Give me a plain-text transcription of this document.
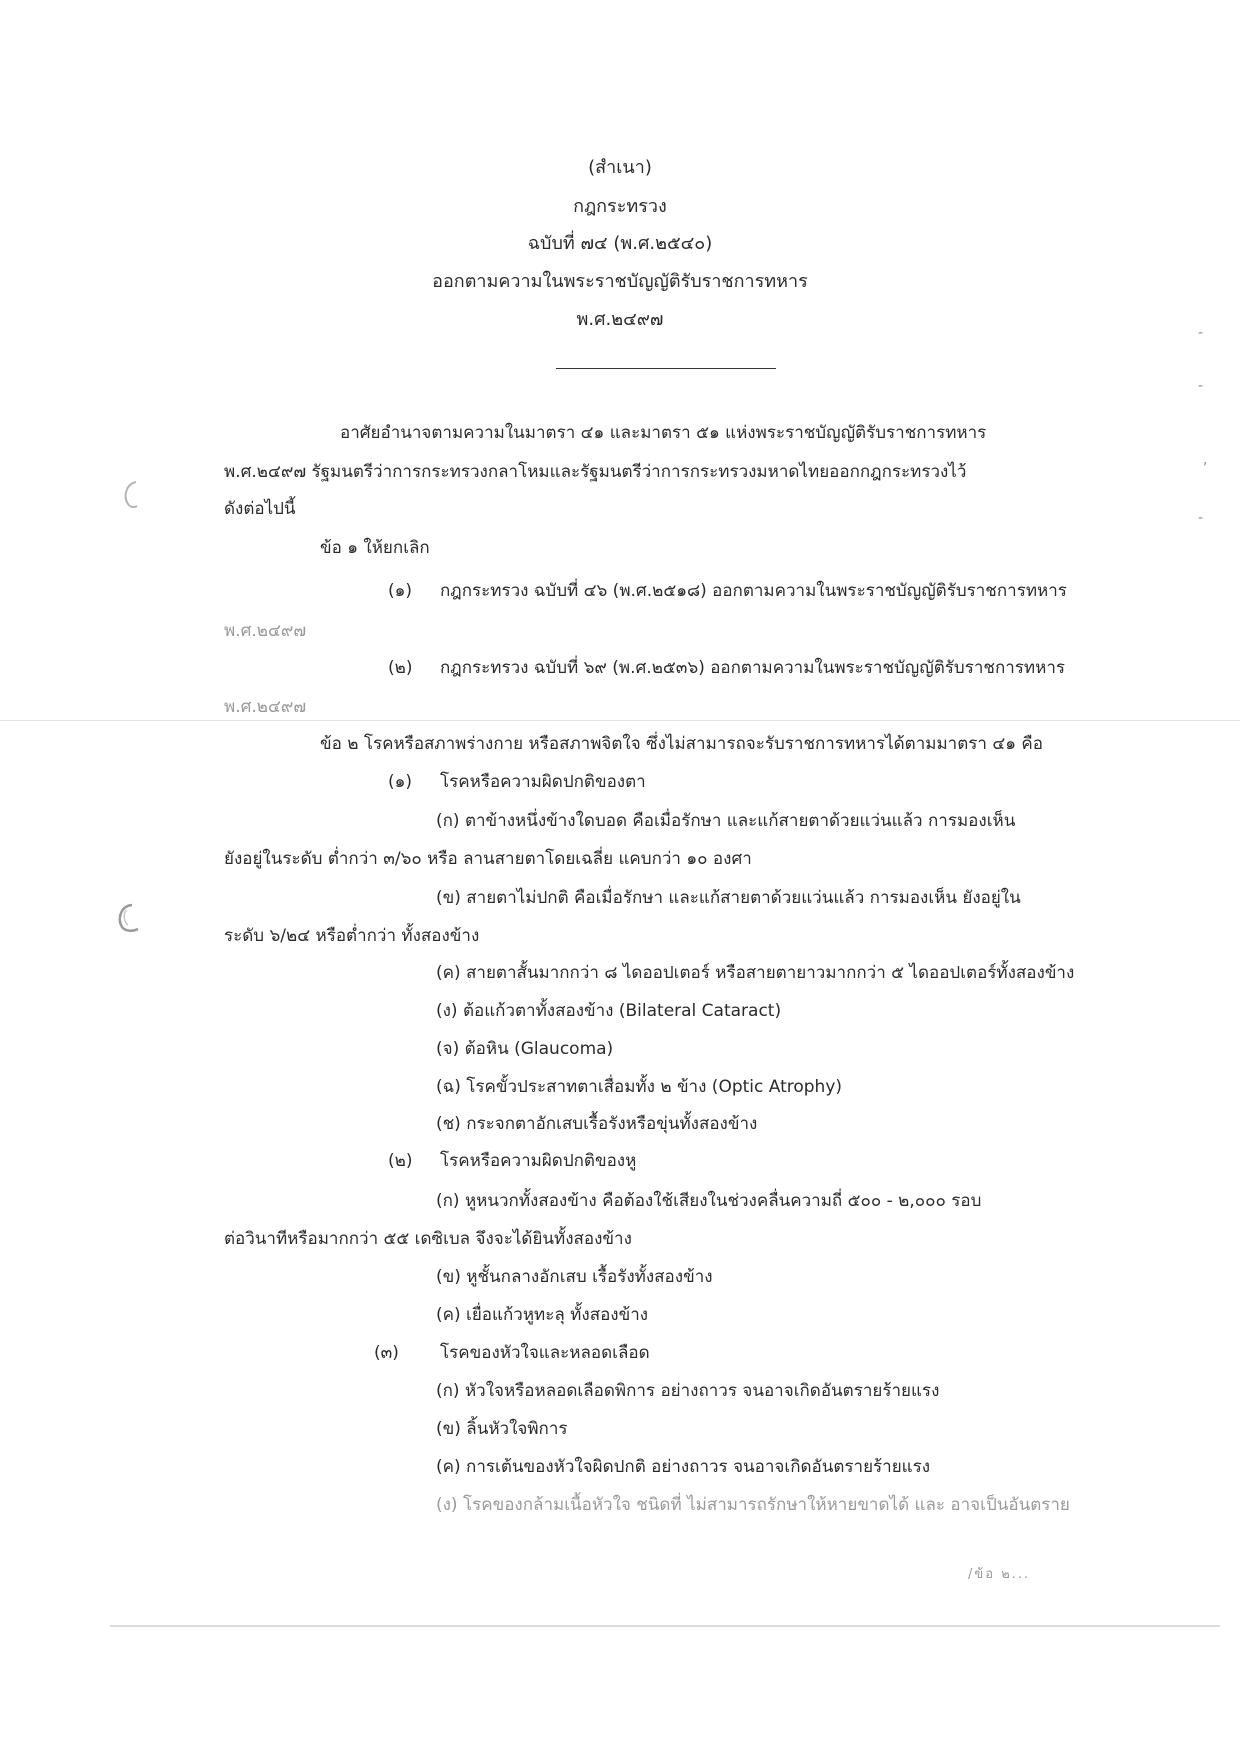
-
-
,
-
(สำเนา)
กฎกระทรวง
ฉบับที่ ๗๔ (พ.ศ.๒๕๔๐)
ออกตามความในพระราชบัญญัติรับราชการทหาร
พ.ศ.๒๔๙๗
อาศัยอำนาจตามความในมาตรา ๔๑ และมาตรา ๕๑ แห่งพระราชบัญญัติรับราชการทหาร
พ.ศ.๒๔๙๗ รัฐมนตรีว่าการกระทรวงกลาโหมและรัฐมนตรีว่าการกระทรวงมหาดไทยออกกฎกระทรวงไว้
ดังต่อไปนี้
ข้อ ๑ ให้ยกเลิก
(๑) กฎกระทรวง ฉบับที่ ๔๖ (พ.ศ.๒๕๑๘) ออกตามความในพระราชบัญญัติรับราชการทหาร
พ.ศ.๒๔๙๗
(๒) กฎกระทรวง ฉบับที่ ๖๙ (พ.ศ.๒๕๓๖) ออกตามความในพระราชบัญญัติรับราชการทหาร
พ.ศ.๒๔๙๗
ข้อ ๒ โรคหรือสภาพร่างกาย หรือสภาพจิตใจ ซึ่งไม่สามารถจะรับราชการทหารได้ตามมาตรา ๔๑ คือ
(๑) โรคหรือความผิดปกติของตา
(ก) ตาข้างหนึ่งข้างใดบอด คือเมื่อรักษา และแก้สายตาด้วยแว่นแล้ว การมองเห็น
ยังอยู่ในระดับ ต่ำกว่า ๓/๖๐ หรือ ลานสายตาโดยเฉลี่ย แคบกว่า ๑๐ องศา
(ข) สายตาไม่ปกติ คือเมื่อรักษา และแก้สายตาด้วยแว่นแล้ว การมองเห็น ยังอยู่ใน
ระดับ ๖/๒๔ หรือต่ำกว่า ทั้งสองข้าง
(ค) สายตาสั้นมากกว่า ๘ ไดออปเตอร์ หรือสายตายาวมากกว่า ๕ ไดออปเตอร์ทั้งสองข้าง
(ง) ต้อแก้วตาทั้งสองข้าง (Bilateral Cataract)
(จ) ต้อหิน (Glaucoma)
(ฉ) โรคขั้วประสาทตาเสื่อมทั้ง ๒ ข้าง (Optic Atrophy)
(ช) กระจกตาอักเสบเรื้อรังหรือขุ่นทั้งสองข้าง
(๒) โรคหรือความผิดปกติของหู
(ก) หูหนวกทั้งสองข้าง คือต้องใช้เสียงในช่วงคลื่นความถี่ ๕๐๐ - ๒,๐๐๐ รอบ
ต่อวินาทีหรือมากกว่า ๕๕ เดซิเบล จึงจะได้ยินทั้งสองข้าง
(ข) หูชั้นกลางอักเสบ เรื้อรังทั้งสองข้าง
(ค) เยื่อแก้วหูทะลุ ทั้งสองข้าง
(๓) โรคของหัวใจและหลอดเลือด
(ก) หัวใจหรือหลอดเลือดพิการ อย่างถาวร จนอาจเกิดอันตรายร้ายแรง
(ข) ลิ้นหัวใจพิการ
(ค) การเต้นของหัวใจผิดปกติ อย่างถาวร จนอาจเกิดอันตรายร้ายแรง
(ง) โรคของกล้ามเนื้อหัวใจ ชนิดที่ ไม่สามารถรักษาให้หายขาดได้ และ อาจเป็นอันตราย
/ข้อ ๒...
